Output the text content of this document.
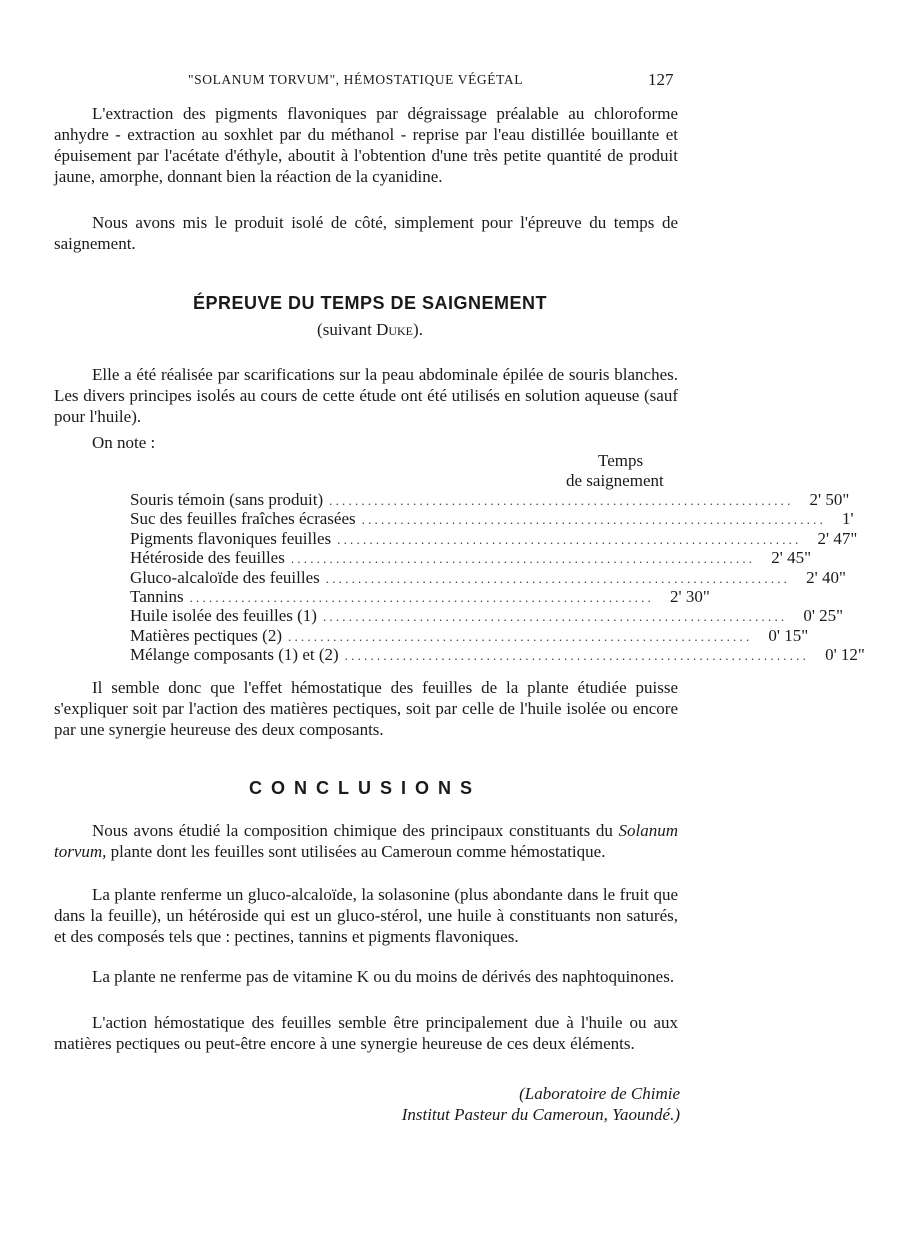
"SOLANUM TORVUM", HÉMOSTATIQUE VÉGÉTAL	127

L'extraction des pigments flavoniques par dégraissage préalable au chloroforme anhydre - extraction au soxhlet par du méthanol - reprise par l'eau distillée bouillante et épuisement par l'acétate d'éthyle, aboutit à l'obtention d'une très petite quantité de produit jaune, amorphe, donnant bien la réaction de la cyanidine.

Nous avons mis le produit isolé de côté, simplement pour l'épreuve du temps de saignement.

ÉPREUVE DU TEMPS DE SAIGNEMENT
(suivant Duke).

Elle a été réalisée par scarifications sur la peau abdominale épilée de souris blanches. Les divers principes isolés au cours de cette étude ont été utilisés en solution aqueuse (sauf pour l'huile).

On note :

Temps
de saignement
Souris témoin (sans produit) ........................................................................ 2' 50"
Suc des feuilles fraîches écrasées ........................................................................ 1'
Pigments flavoniques feuilles ........................................................................ 2' 47"
Hétéroside des feuilles ........................................................................ 2' 45"
Gluco-alcaloïde des feuilles ........................................................................ 2' 40"
Tannins ........................................................................ 2' 30"
Huile isolée des feuilles (1) ........................................................................ 0' 25"
Matières pectiques (2) ........................................................................ 0' 15"
Mélange composants (1) et (2) ........................................................................ 0' 12"

Il semble donc que l'effet hémostatique des feuilles de la plante étudiée puisse s'expliquer soit par l'action des matières pectiques, soit par celle de l'huile isolée ou encore par une synergie heureuse des deux composants.

CONCLUSIONS

Nous avons étudié la composition chimique des principaux constituants du Solanum torvum, plante dont les feuilles sont utilisées au Cameroun comme hémostatique.

La plante renferme un gluco-alcaloïde, la solasonine (plus abondante dans le fruit que dans la feuille), un hétéroside qui est un gluco-stérol, une huile à constituants non saturés, et des composés tels que : pectines, tannins et pigments flavoniques.

La plante ne renferme pas de vitamine K ou du moins de dérivés des naphtoquinones.

L'action hémostatique des feuilles semble être principalement due à l'huile ou aux matières pectiques ou peut-être encore à une synergie heureuse de ces deux éléments.

(Laboratoire de Chimie
Institut Pasteur du Cameroun, Yaoundé.)
